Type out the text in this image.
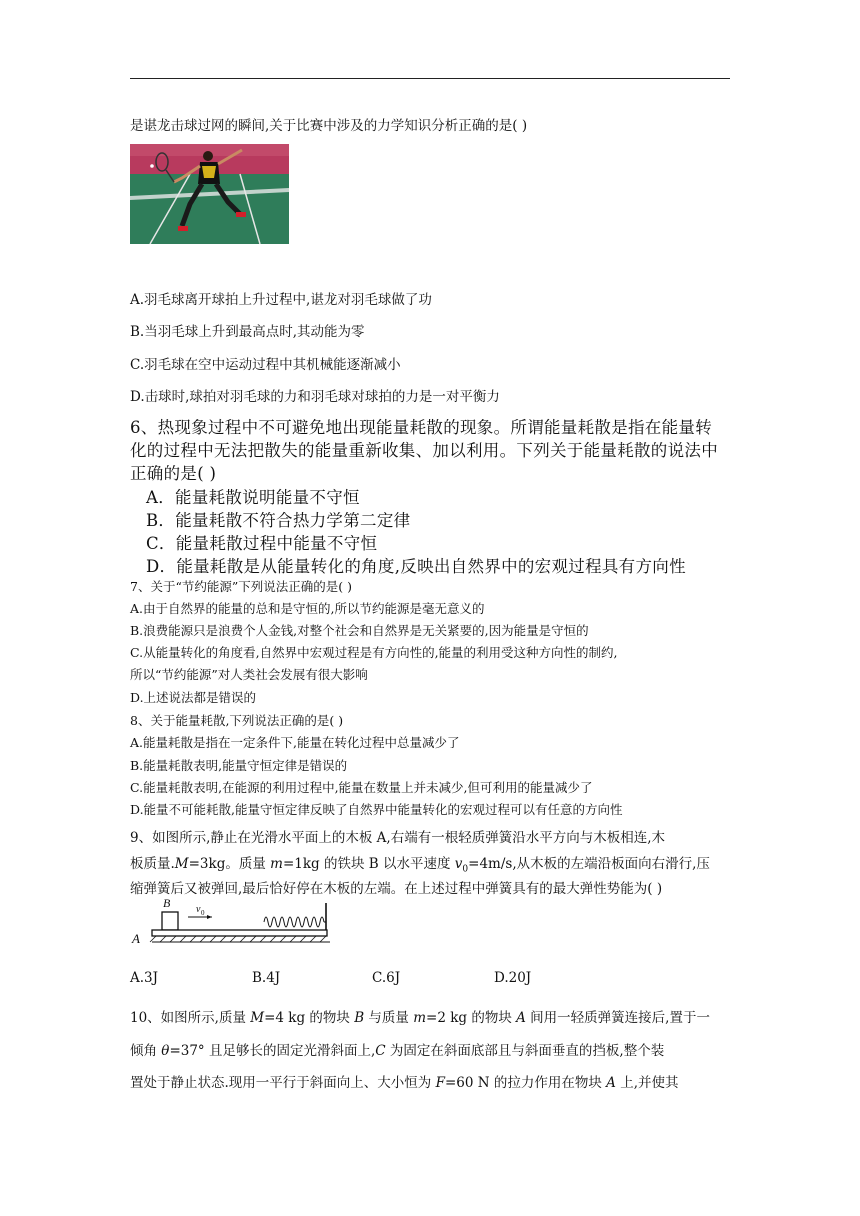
是谌龙击球过网的瞬间,关于比赛中涉及的力学知识分析正确的是( )
A.羽毛球离开球拍上升过程中,谌龙对羽毛球做了功
B.当羽毛球上升到最高点时,其动能为零
C.羽毛球在空中运动过程中其机械能逐渐减小
D.击球时,球拍对羽毛球的力和羽毛球对球拍的力是一对平衡力
6、热现象过程中不可避免地出现能量耗散的现象。所谓能量耗散是指在能量转
化的过程中无法把散失的能量重新收集、加以利用。下列关于能量耗散的说法中
正确的是( )
A．能量耗散说明能量不守恒
B．能量耗散不符合热力学第二定律
C．能量耗散过程中能量不守恒
D．能量耗散是从能量转化的角度,反映出自然界中的宏观过程具有方向性
7、关于“节约能源”下列说法正确的是( )
A.由于自然界的能量的总和是守恒的,所以节约能源是毫无意义的
B.浪费能源只是浪费个人金钱,对整个社会和自然界是无关紧要的,因为能量是守恒的
C.从能量转化的角度看,自然界中宏观过程是有方向性的,能量的利用受这种方向性的制约,
所以“节约能源”对人类社会发展有很大影响
D.上述说法都是错误的
8、关于能量耗散,下列说法正确的是( )
A.能量耗散是指在一定条件下,能量在转化过程中总量减少了
B.能量耗散表明,能量守恒定律是错误的
C.能量耗散表明,在能源的利用过程中,能量在数量上并未减少,但可利用的能量减少了
D.能量不可能耗散,能量守恒定律反映了自然界中能量转化的宏观过程可以有任意的方向性
9、如图所示,静止在光滑水平面上的木板 A,右端有一根轻质弹簧沿水平方向与木板相连,木
板质量.M=3kg。质量 m=1kg 的铁块 B 以水平速度 $v_0=4m/s$,从木板的左端沿板面向右滑行,压
缩弹簧后又被弹回,最后恰好停在木板的左端。在上述过程中弹簧具有的最大弹性势能为( )
A
B	v 0
A.3J	B.4J	C.6J	D.20J
10、如图所示,质量 M=4 kg 的物块 B 与质量 m=2 kg 的物块 A 间用一轻质弹簧连接后,置于一
倾角 θ=37° 且足够长的固定光滑斜面上,C 为固定在斜面底部且与斜面垂直的挡板,整个装
置处于静止状态.现用一平行于斜面向上、大小恒为 F=60 N 的拉力作用在物块 A 上,并使其
